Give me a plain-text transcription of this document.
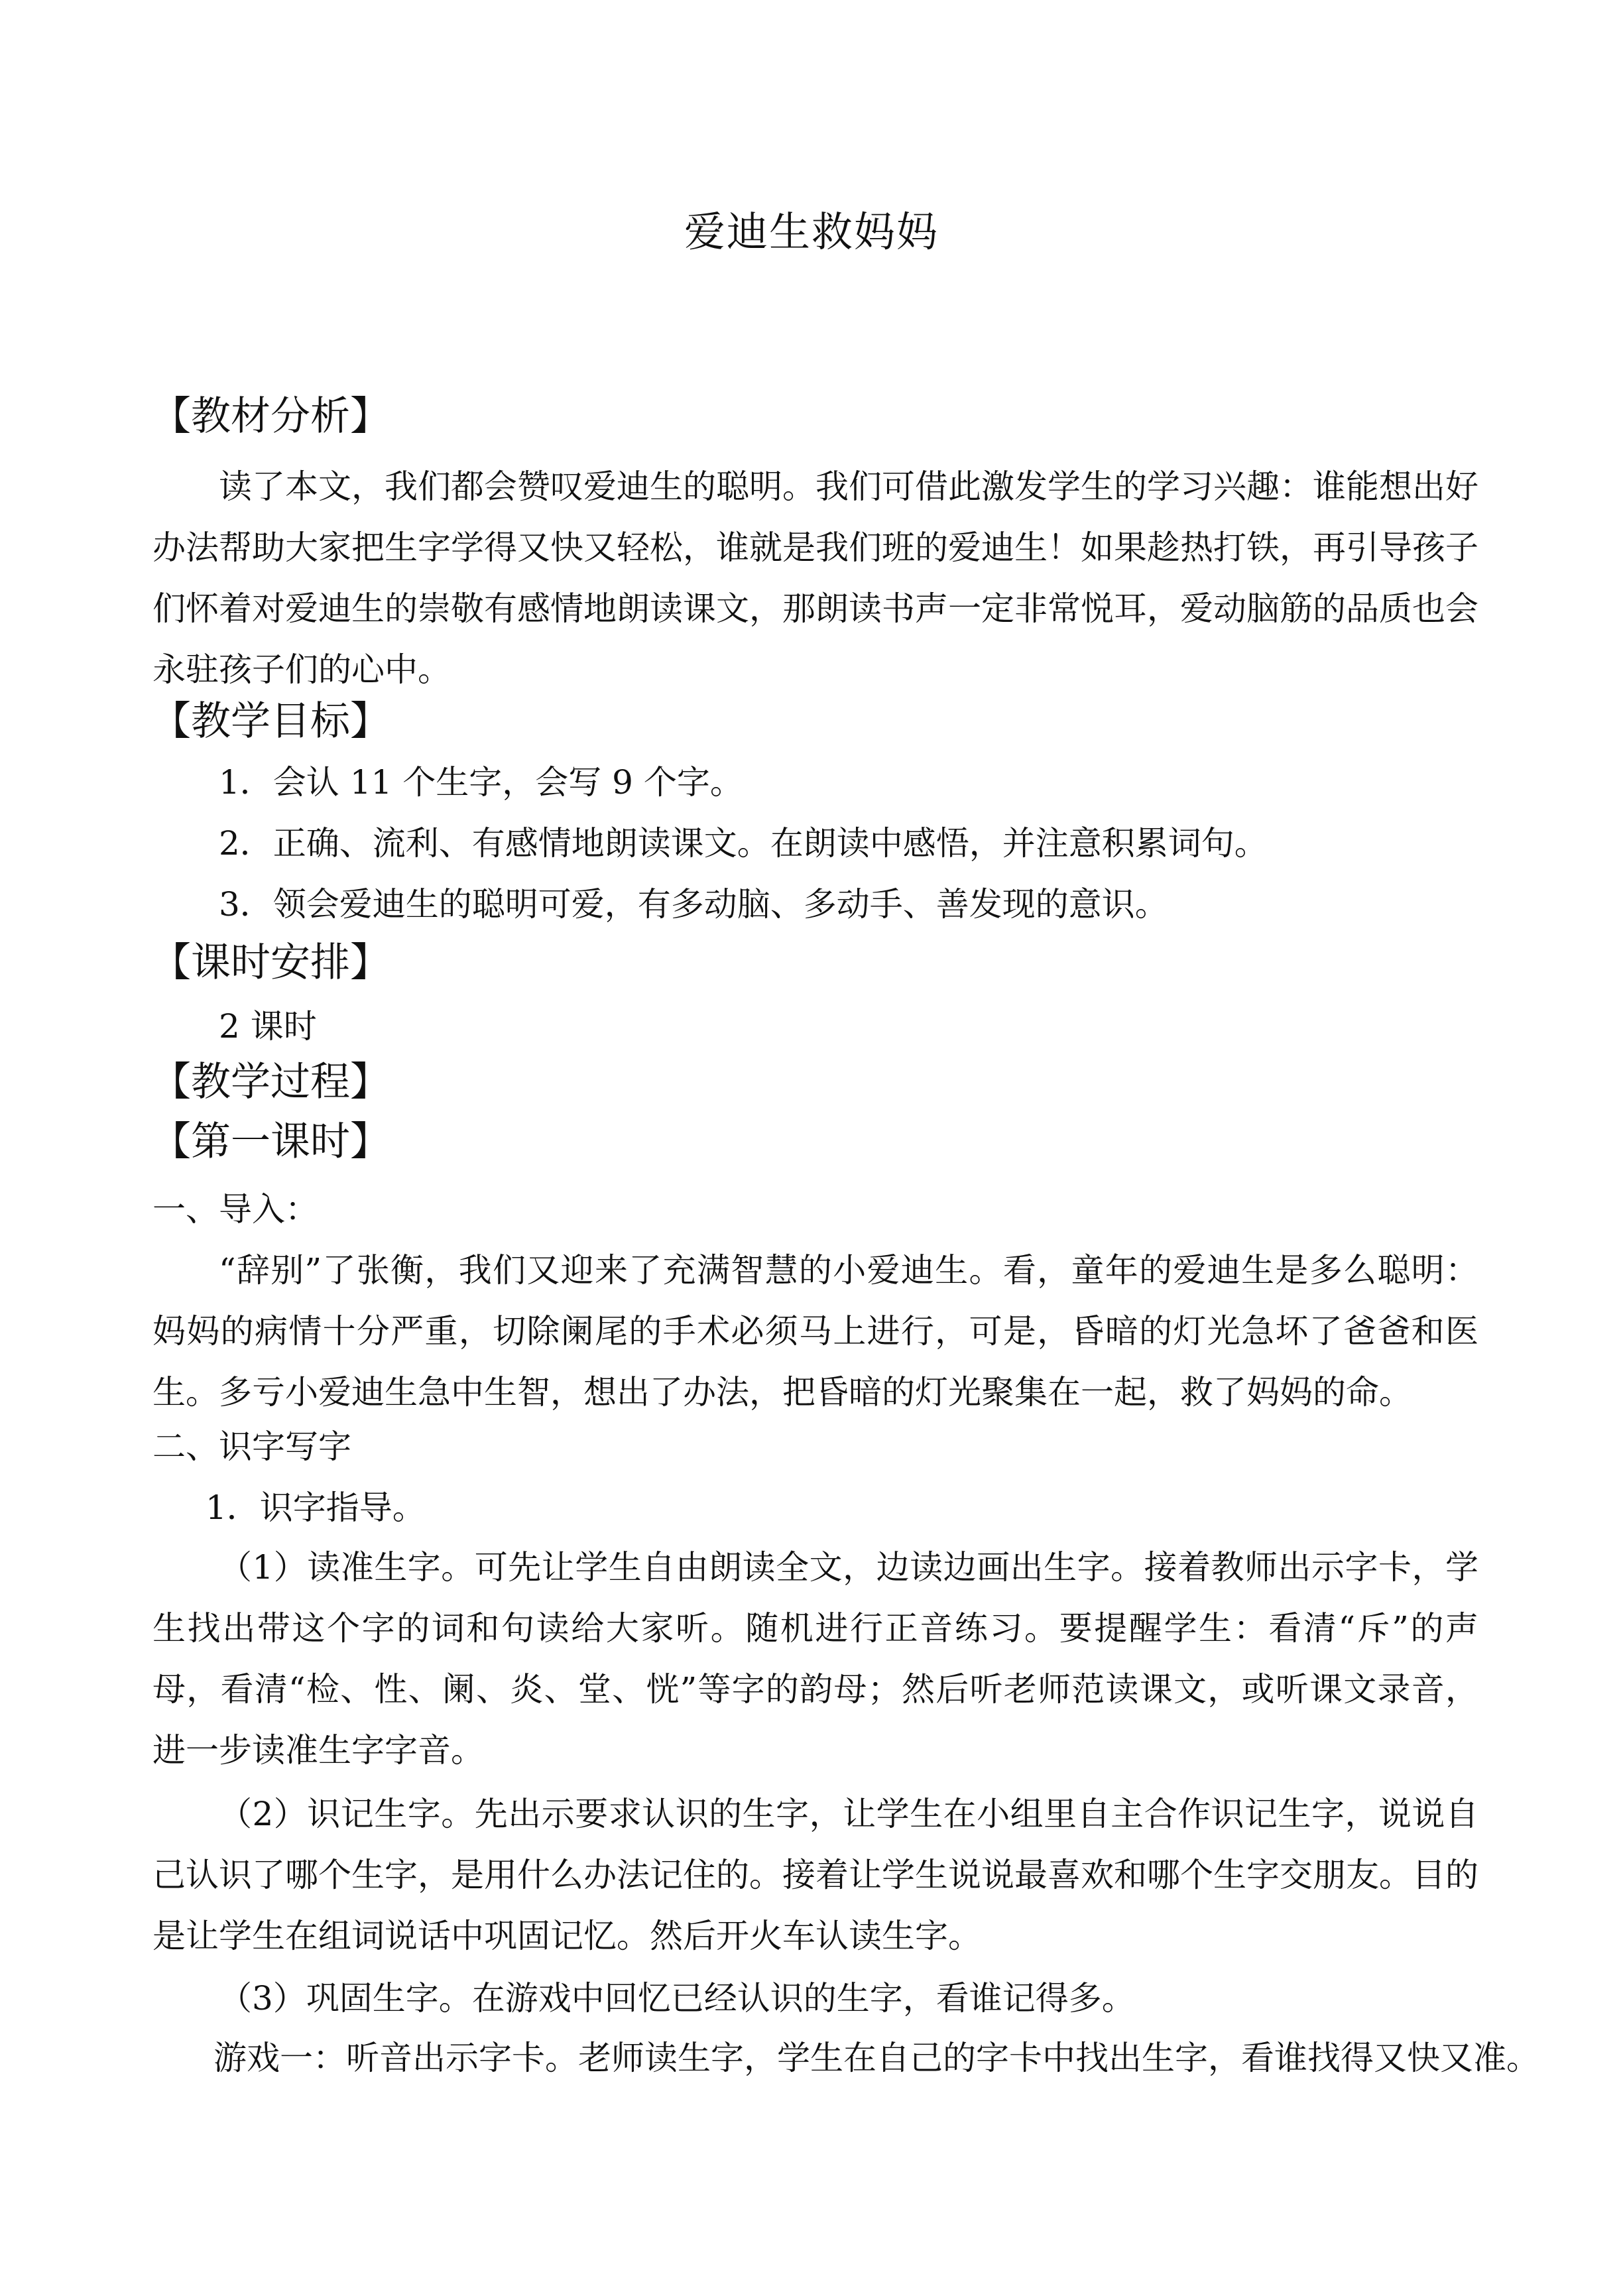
爱迪生救妈妈
【教材分析】
读了本文，我们都会赞叹爱迪生的聪明。我们可借此激发学生的学习兴趣：谁能想出好办法帮助大家把生字学得又快又轻松，谁就是我们班的爱迪生！如果趁热打铁，再引导孩子们怀着对爱迪生的崇敬有感情地朗读课文，那朗读书声一定非常悦耳，爱动脑筋的品质也会永驻孩子们的心中。
【教学目标】
1．会认 11 个生字，会写 9 个字。
2．正确、流利、有感情地朗读课文。在朗读中感悟，并注意积累词句。
3．领会爱迪生的聪明可爱，有多动脑、多动手、善发现的意识。
【课时安排】
2 课时
【教学过程】
【第一课时】
一、导入：
“辞别”了张衡，我们又迎来了充满智慧的小爱迪生。看，童年的爱迪生是多么聪明：妈妈的病情十分严重，切除阑尾的手术必须马上进行，可是，昏暗的灯光急坏了爸爸和医生。多亏小爱迪生急中生智，想出了办法，把昏暗的灯光聚集在一起，救了妈妈的命。
二、识字写字
1．识字指导。
（1）读准生字。可先让学生自由朗读全文，边读边画出生字。接着教师出示字卡，学生找出带这个字的词和句读给大家听。随机进行正音练习。要提醒学生：看清“斥”的声母，看清“检、性、阑、炎、堂、恍”等字的韵母；然后听老师范读课文，或听课文录音，进一步读准生字字音。
（2）识记生字。先出示要求认识的生字，让学生在小组里自主合作识记生字，说说自己认识了哪个生字，是用什么办法记住的。接着让学生说说最喜欢和哪个生字交朋友。目的是让学生在组词说话中巩固记忆。然后开火车认读生字。
（3）巩固生字。在游戏中回忆已经认识的生字，看谁记得多。
游戏一：听音出示字卡。老师读生字，学生在自己的字卡中找出生字，看谁找得又快又准。
